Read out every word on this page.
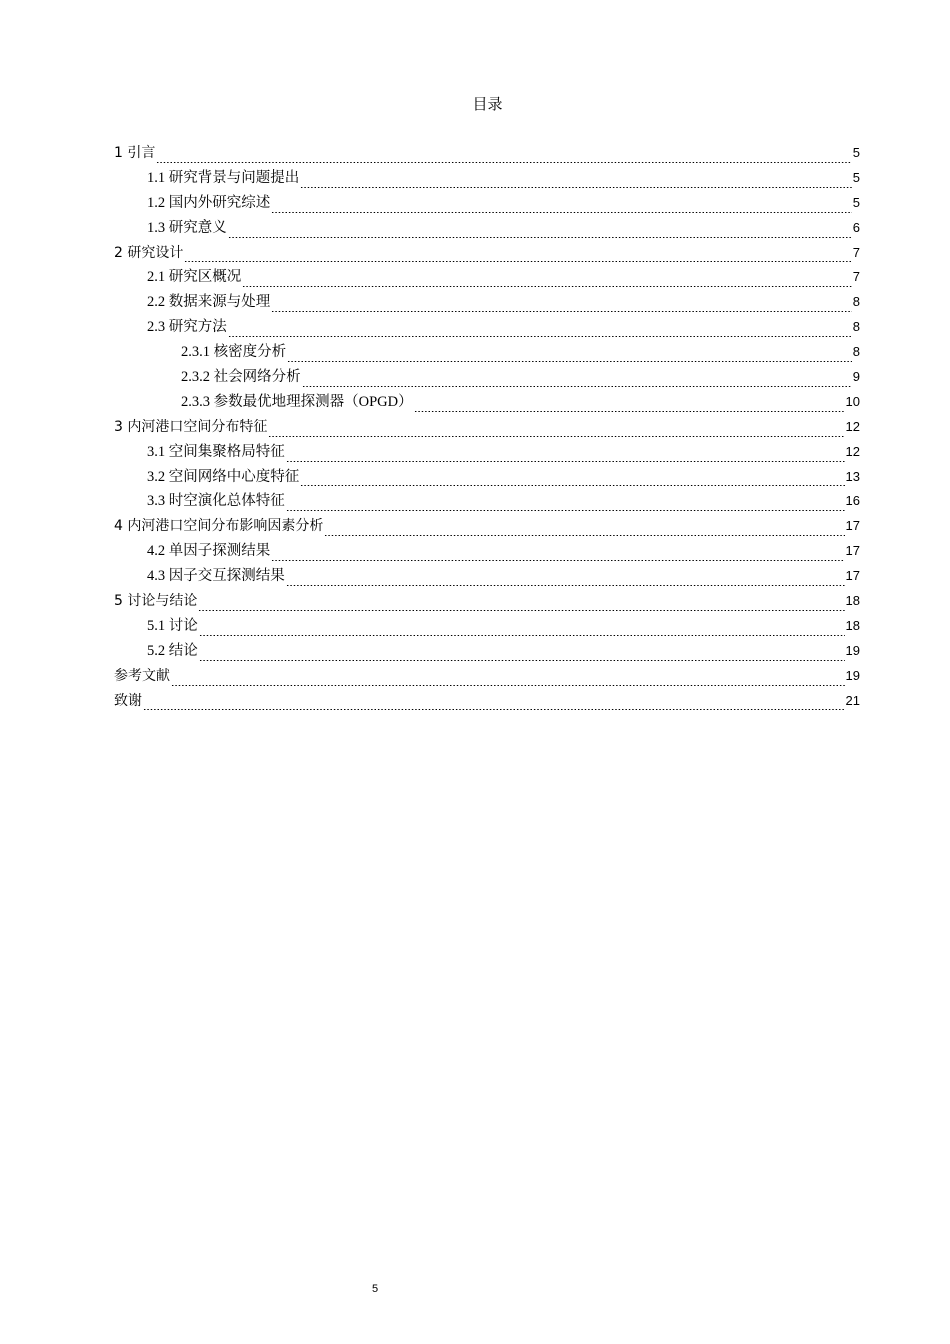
目录
1 引言	5
1.1 研究背景与问题提出	5
1.2 国内外研究综述	5
1.3 研究意义	6
2 研究设计	7
2.1 研究区概况	7
2.2 数据来源与处理	8
2.3 研究方法	8
2.3.1 核密度分析	8
2.3.2 社会网络分析	9
2.3.3 参数最优地理探测器（OPGD）	10
3 内河港口空间分布特征	12
3.1 空间集聚格局特征	12
3.2 空间网络中心度特征	13
3.3 时空演化总体特征	16
4 内河港口空间分布影响因素分析	17
4.2 单因子探测结果	17
4.3 因子交互探测结果	17
5 讨论与结论	18
5.1 讨论	18
5.2 结论	19
参考文献	19
致谢	21
5
